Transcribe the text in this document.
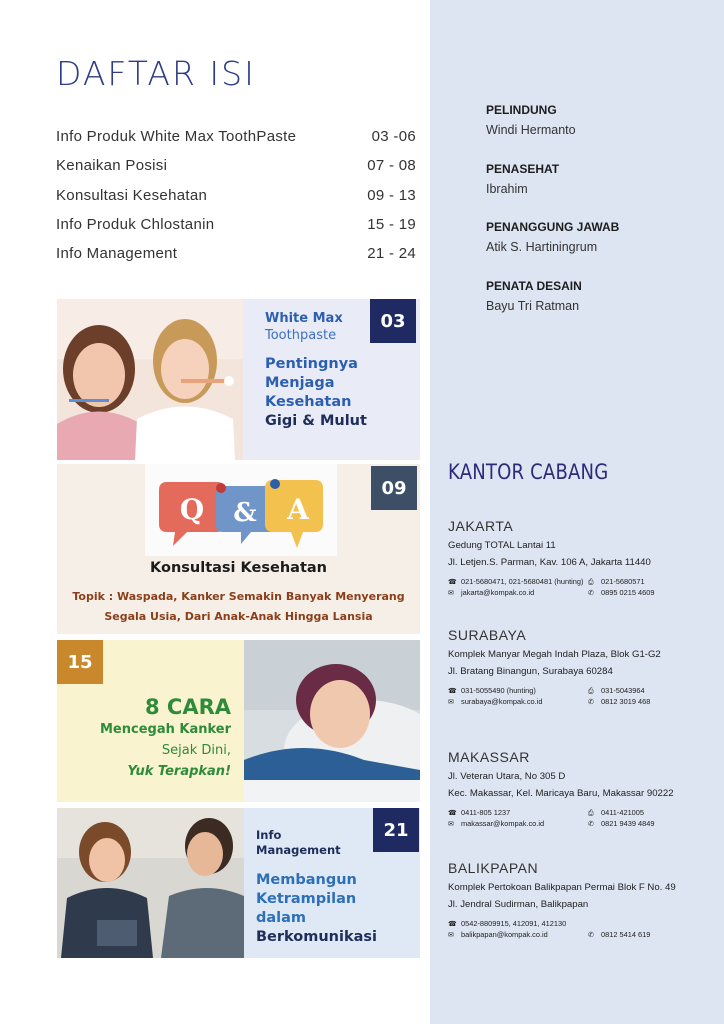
DAFTAR ISI
Info Produk White Max ToothPaste	03 -06
Kenaikan Posisi	07 - 08
Konsultasi Kesehatan	09 - 13
Info Produk Chlostanin	15 - 19
Info Management	21 - 24
PELINDUNG
Windi Hermanto
PENASEHAT
Ibrahim
PENANGGUNG JAWAB
Atik S. Hartiningrum
PENATA DESAIN
Bayu Tri Ratman
KANTOR CABANG
JAKARTA
Gedung TOTAL Lantai 11
Jl. Letjen.S. Parman, Kav. 106 A, Jakarta 11440
☎ 021-5680471, 021-5680481 (hunting) ⎙ 021-5680571
✉ jakarta@kompak.co.id	✆ 0895 0215 4609
SURABAYA
Komplek Manyar Megah Indah Plaza, Blok G1-G2
Jl. Bratang Binangun, Surabaya 60284
☎ 031-5055490 (hunting)	⎙ 031-5043964
✉ surabaya@kompak.co.id	✆ 0812 3019 468
MAKASSAR
Jl. Veteran Utara, No 305 D
Kec. Makassar, Kel. Maricaya Baru, Makassar 90222
☎ 0411-805 1237	⎙ 0411-421005
✉ makassar@kompak.co.id	✆ 0821 9439 4849
BALIKPAPAN
Komplek Pertokoan Balikpapan Permai Blok F No. 49
Jl. Jendral Sudirman, Balikpapan
☎ 0542-8809915, 412091, 412130
✉ balikpapan@kompak.co.id	✆ 0812 5414 619
03
White Max
Toothpaste
Pentingnya
Menjaga
Kesehatan
Gigi & Mulut
Q & A
09
Konsultasi Kesehatan
Topik : Waspada, Kanker Semakin Banyak Menyerang
Segala Usia, Dari Anak-Anak Hingga Lansia
15
8 CARA
Mencegah Kanker
Sejak Dini,
Yuk Terapkan!
21
Info
Management
Membangun
Ketrampilan
dalam
Berkomunikasi
